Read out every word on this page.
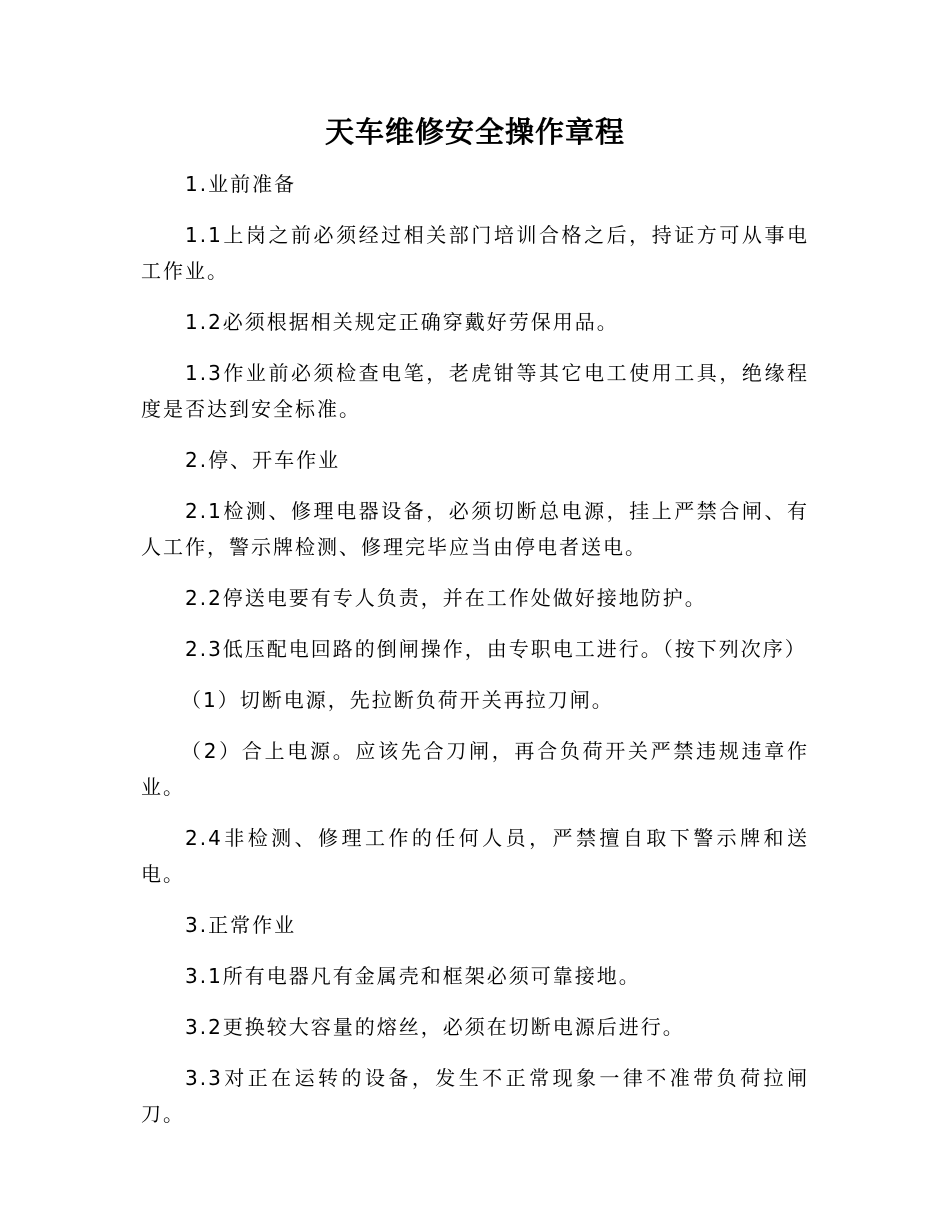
天车维修安全操作章程

1.业前准备

1.1上岗之前必须经过相关部门培训合格之后，持证方可从事电工作业。

1.2必须根据相关规定正确穿戴好劳保用品。

1.3作业前必须检查电笔，老虎钳等其它电工使用工具，绝缘程度是否达到安全标准。

2.停、开车作业

2.1检测、修理电器设备，必须切断总电源，挂上严禁合闸、有人工作，警示牌检测、修理完毕应当由停电者送电。

2.2停送电要有专人负责，并在工作处做好接地防护。

2.3低压配电回路的倒闸操作，由专职电工进行。（按下列次序）

（1）切断电源，先拉断负荷开关再拉刀闸。

（2）合上电源。应该先合刀闸，再合负荷开关严禁违规违章作业。

2.4非检测、修理工作的任何人员，严禁擅自取下警示牌和送电。

3.正常作业

3.1所有电器凡有金属壳和框架必须可靠接地。

3.2更换较大容量的熔丝，必须在切断电源后进行。

3.3对正在运转的设备，发生不正常现象一律不准带负荷拉闸刀。
